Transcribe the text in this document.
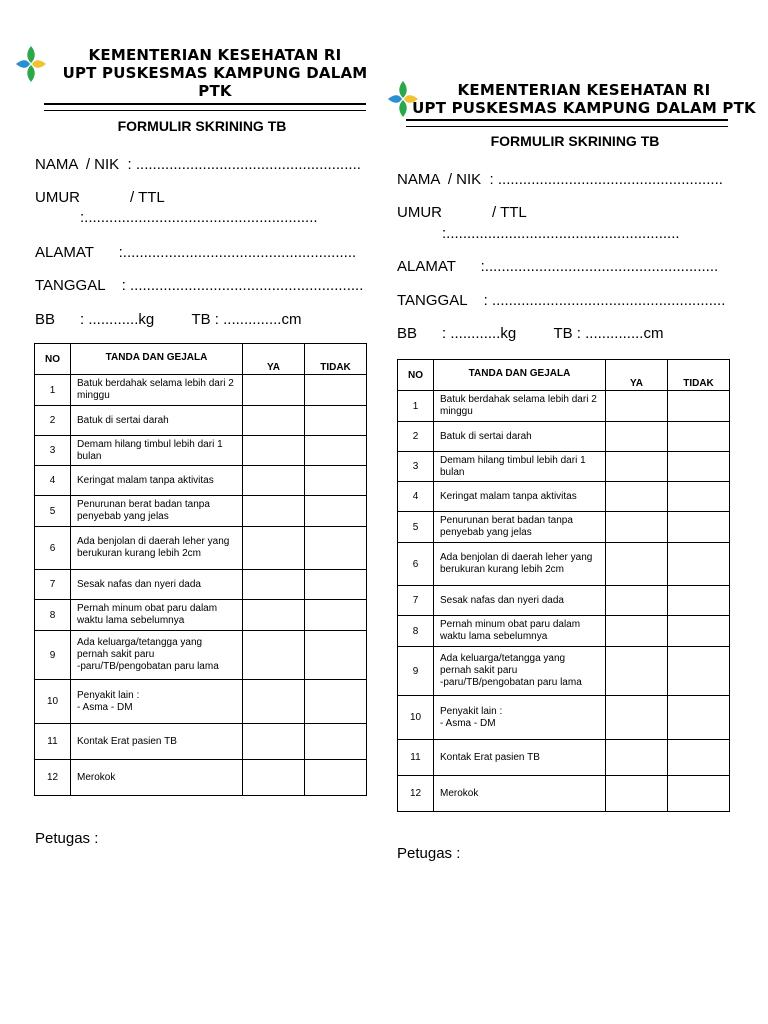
KEMENTERIAN KESEHATAN RI
UPT PUSKESMAS KAMPUNG DALAM
PTK
FORMULIR SKRINING TB
NAMA  / NIK  : ......................................................
UMUR            / TTL
:........................................................
ALAMAT      :........................................................
TANGGAL    : ........................................................
BB      : ............kg         TB : ..............cm
NO	TANDA DAN GEJALA	YA	TIDAK
1	Batuk berdahak selama lebih dari 2
minggu		
2	Batuk di sertai darah		
3	Demam hilang timbul lebih dari 1
bulan		
4	Keringat malam tanpa aktivitas		
5	Penurunan berat badan tanpa
penyebab yang jelas		
6	Ada benjolan di daerah leher yang
berukuran kurang lebih 2cm		
7	Sesak nafas dan nyeri dada		
8	Pernah minum obat paru dalam
waktu lama sebelumnya		
9	Ada keluarga/tetangga yang
pernah sakit paru
-paru/TB/pengobatan paru lama		
10	Penyakit lain :
- Asma - DM		
11	Kontak Erat pasien TB		
12	Merokok		
Petugas :
KEMENTERIAN KESEHATAN RI
UPT PUSKESMAS KAMPUNG DALAM PTK
FORMULIR SKRINING TB
NAMA  / NIK  : ......................................................
UMUR            / TTL
:........................................................
ALAMAT      :........................................................
TANGGAL    : ........................................................
BB      : ............kg         TB : ..............cm
NO	TANDA DAN GEJALA	YA	TIDAK
1	Batuk berdahak selama lebih dari 2
minggu		
2	Batuk di sertai darah		
3	Demam hilang timbul lebih dari 1
bulan		
4	Keringat malam tanpa aktivitas		
5	Penurunan berat badan tanpa
penyebab yang jelas		
6	Ada benjolan di daerah leher yang
berukuran kurang lebih 2cm		
7	Sesak nafas dan nyeri dada		
8	Pernah minum obat paru dalam
waktu lama sebelumnya		
9	Ada keluarga/tetangga yang
pernah sakit paru
-paru/TB/pengobatan paru lama		
10	Penyakit lain :
- Asma - DM		
11	Kontak Erat pasien TB		
12	Merokok		
Petugas :
